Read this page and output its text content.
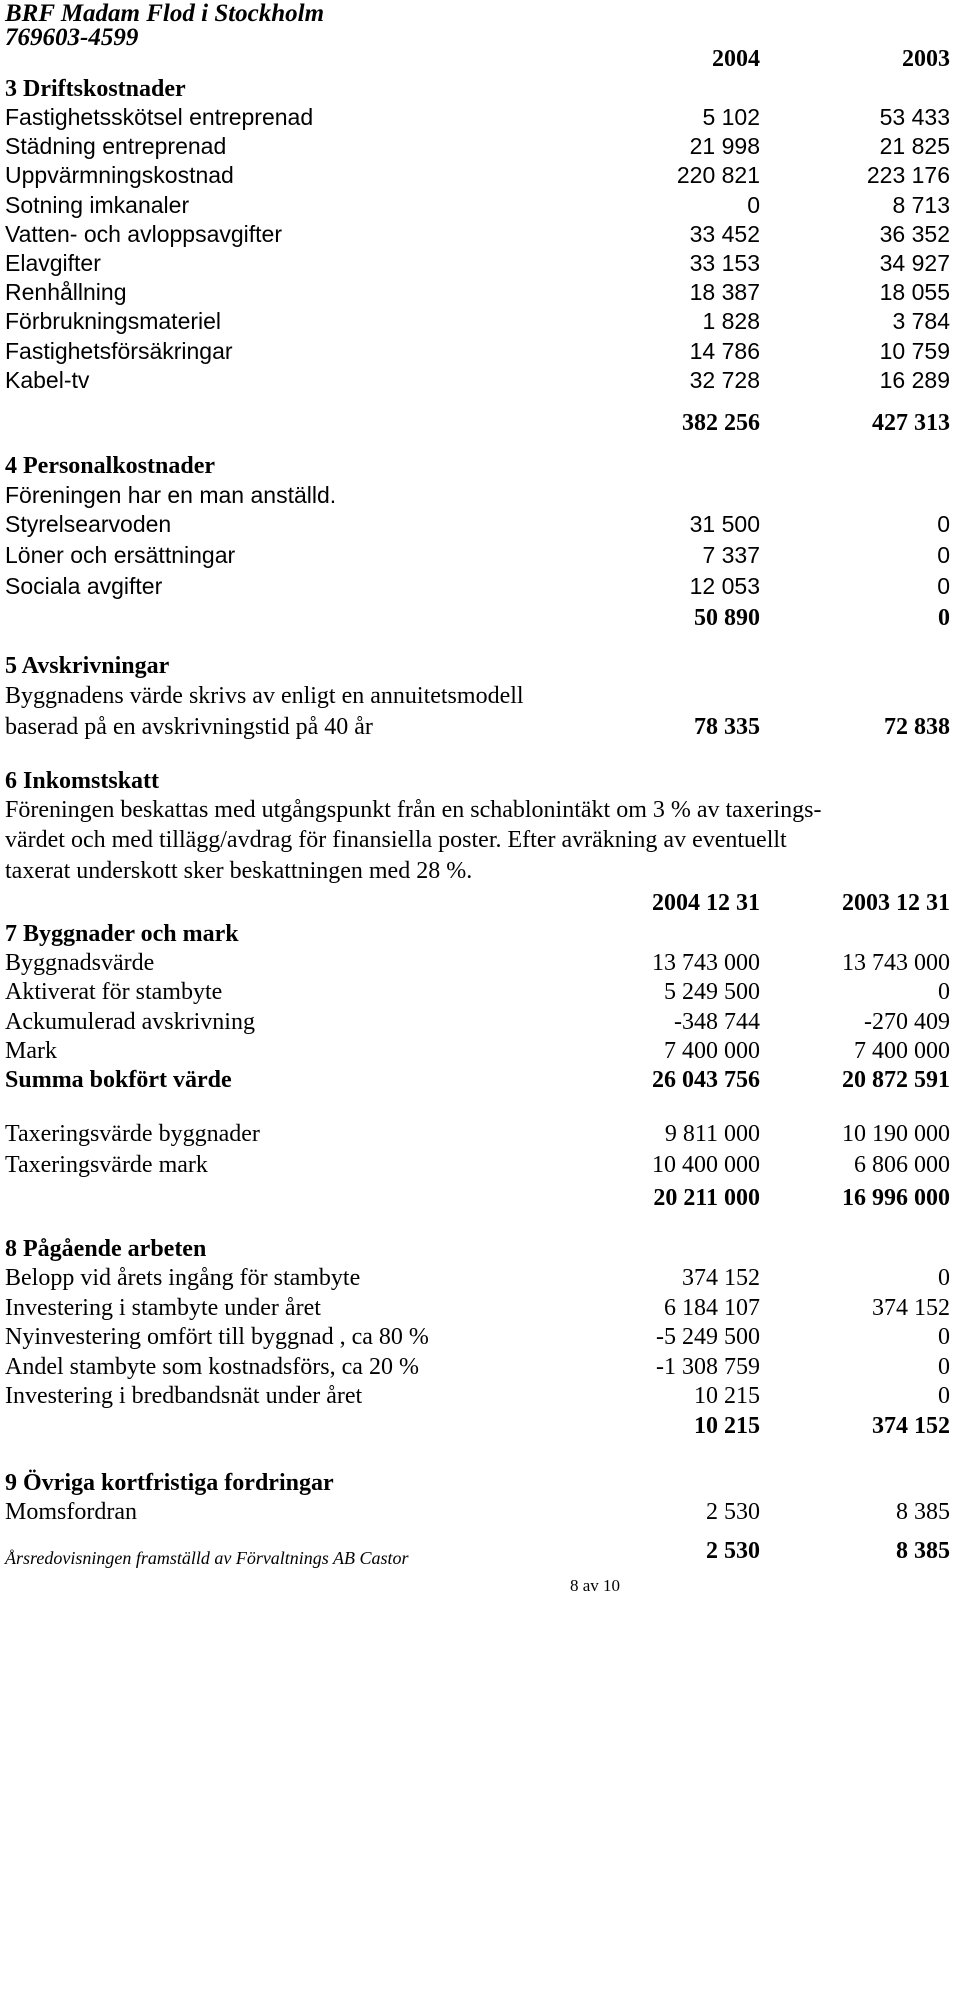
BRF Madam Flod i Stockholm
769603-4599
2004	2003
3 Driftskostnader
Fastighetsskötsel entreprenad	5 102	53 433
Städning entreprenad	21 998	21 825
Uppvärmningskostnad	220 821	223 176
Sotning imkanaler	0	8 713
Vatten- och avloppsavgifter	33 452	36 352
Elavgifter	33 153	34 927
Renhållning	18 387	18 055
Förbrukningsmateriel	1 828	3 784
Fastighetsförsäkringar	14 786	10 759
Kabel-tv	32 728	16 289
382 256	427 313
4 Personalkostnader
Föreningen har en man anställd.
Styrelsearvoden	31 500	0
Löner och ersättningar	7 337	0
Sociala avgifter	12 053	0
50 890	0
5 Avskrivningar
Byggnadens värde skrivs av enligt en annuitetsmodell
baserad på en avskrivningstid på 40 år	78 335	72 838
6 Inkomstskatt
Föreningen beskattas med utgångspunkt från en schablonintäkt om 3 % av taxerings-
värdet och med tillägg/avdrag för finansiella poster. Efter avräkning av eventuellt
taxerat underskott sker beskattningen med 28 %.
2004 12 31	2003 12 31
7 Byggnader och mark
Byggnadsvärde	13 743 000	13 743 000
Aktiverat för stambyte	5 249 500	0
Ackumulerad avskrivning	-348 744	-270 409
Mark	7 400 000	7 400 000
Summa bokfört värde	26 043 756	20 872 591
Taxeringsvärde byggnader	9 811 000	10 190 000
Taxeringsvärde mark	10 400 000	6 806 000
20 211 000	16 996 000
8 Pågående arbeten
Belopp vid årets ingång för stambyte	374 152	0
Investering i stambyte under året	6 184 107	374 152
Nyinvestering omfört till byggnad , ca 80 %	-5 249 500	0
Andel stambyte som kostnadsförs, ca 20 %	-1 308 759	0
Investering i bredbandsnät under året	10 215	0
10 215	374 152
9 Övriga kortfristiga fordringar
Momsfordran	2 530	8 385
2 530	8 385
Årsredovisningen framställd av Förvaltnings AB Castor
8 av 10
